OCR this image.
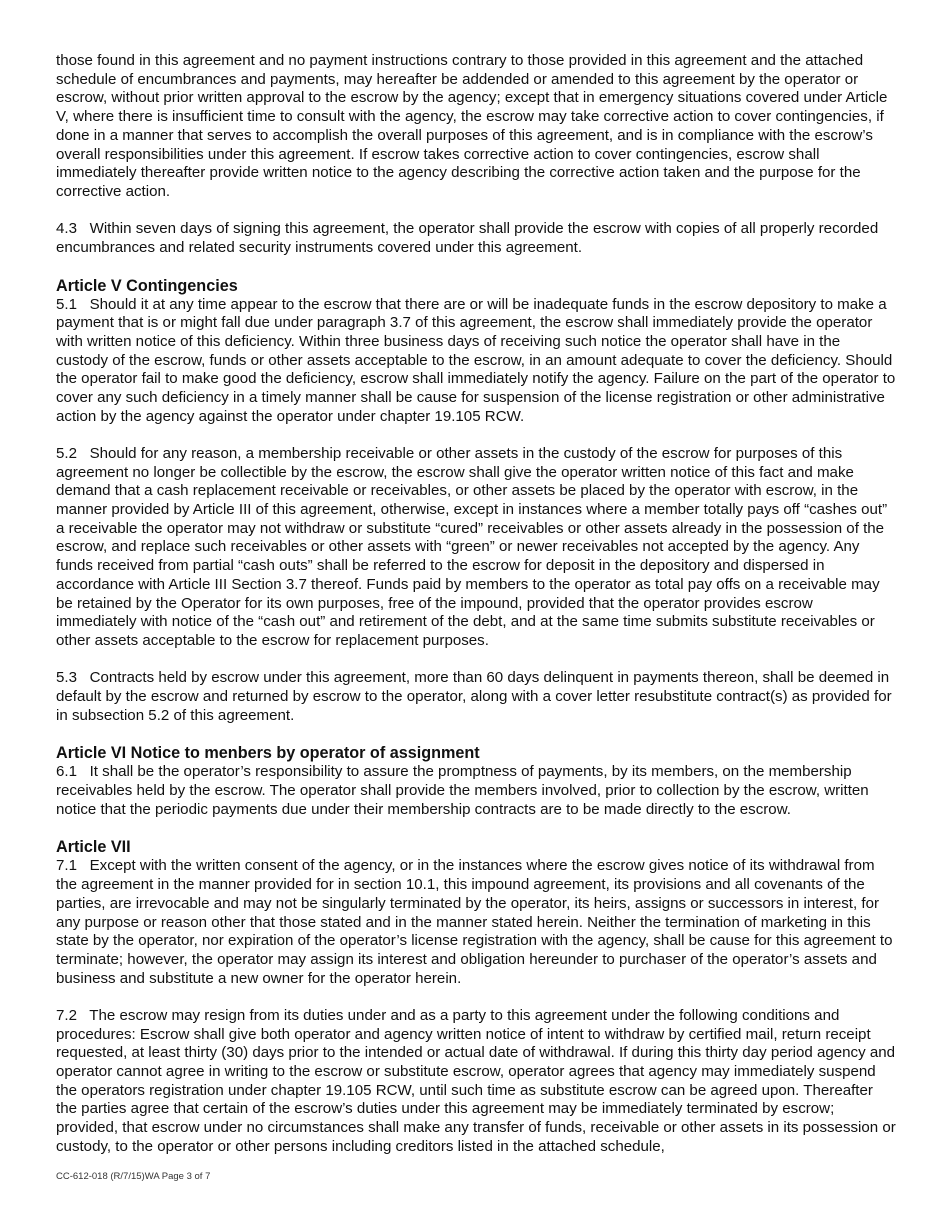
those found in this agreement and no payment instructions contrary to those provided in this agreement and the attached schedule of encumbrances and payments, may hereafter be addended or amended to this agreement by the operator or escrow, without prior written approval to the escrow by the agency; except that in emergency situations covered under Article V, where there is insufficient time to consult with the agency, the escrow may take corrective action to cover contingencies, if done in a manner that serves to accomplish the overall purposes of this agreement, and is in compliance with the escrow’s overall responsibilities under this agreement. If escrow takes corrective action to cover contingencies, escrow shall immediately thereafter provide written notice to the agency describing the corrective action taken and the purpose for the corrective action.

4.3 Within seven days of signing this agreement, the operator shall provide the escrow with copies of all properly recorded encumbrances and related security instruments covered under this agreement.

Article V Contingencies

5.1 Should it at any time appear to the escrow that there are or will be inadequate funds in the escrow depository to make a payment that is or might fall due under paragraph 3.7 of this agreement, the escrow shall immediately provide the operator with written notice of this deficiency. Within three business days of receiving such notice the operator shall have in the custody of the escrow, funds or other assets acceptable to the escrow, in an amount adequate to cover the deficiency. Should the operator fail to make good the deficiency, escrow shall immediately notify the agency. Failure on the part of the operator to cover any such deficiency in a timely manner shall be cause for suspension of the license registration or other administrative action by the agency against the operator under chapter 19.105 RCW.

5.2 Should for any reason, a membership receivable or other assets in the custody of the escrow for purposes of this agreement no longer be collectible by the escrow, the escrow shall give the operator written notice of this fact and make demand that a cash replacement receivable or receivables, or other assets be placed by the operator with escrow, in the manner provided by Article III of this agreement, otherwise, except in instances where a member totally pays off “cashes out” a receivable the operator may not withdraw or substitute “cured” receivables or other assets already in the possession of the escrow, and replace such receivables or other assets with “green” or newer receivables not accepted by the agency. Any funds received from partial “cash outs” shall be referred to the escrow for deposit in the depository and dispersed in accordance with Article III Section 3.7 thereof. Funds paid by members to the operator as total pay offs on a receivable may be retained by the Operator for its own purposes, free of the impound, provided that the operator provides escrow immediately with notice of the “cash out” and retirement of the debt, and at the same time submits substitute receivables or other assets acceptable to the escrow for replacement purposes.

5.3 Contracts held by escrow under this agreement, more than 60 days delinquent in payments thereon, shall be deemed in default by the escrow and returned by escrow to the operator, along with a cover letter resubstitute contract(s) as provided for in subsection 5.2 of this agreement.

Article VI Notice to menbers by operator of assignment

6.1 It shall be the operator’s responsibility to assure the promptness of payments, by its members, on the membership receivables held by the escrow. The operator shall provide the members involved, prior to collection by the escrow, written notice that the periodic payments due under their membership contracts are to be made directly to the escrow.

Article VII

7.1 Except with the written consent of the agency, or in the instances where the escrow gives notice of its withdrawal from the agreement in the manner provided for in section 10.1, this impound agreement, its provisions and all covenants of the parties, are irrevocable and may not be singularly terminated by the operator, its heirs, assigns or successors in interest, for any purpose or reason other that those stated and in the manner stated herein. Neither the termination of marketing in this state by the operator, nor expiration of the operator’s license registration with the agency, shall be cause for this agreement to terminate; however, the operator may assign its interest and obligation hereunder to purchaser of the operator’s assets and business and substitute a new owner for the operator herein.

7.2 The escrow may resign from its duties under and as a party to this agreement under the following conditions and procedures: Escrow shall give both operator and agency written notice of intent to withdraw by certified mail, return receipt requested, at least thirty (30) days prior to the intended or actual date of withdrawal. If during this thirty day period agency and operator cannot agree in writing to the escrow or substitute escrow, operator agrees that agency may immediately suspend the operators registration under chapter 19.105 RCW, until such time as substitute escrow can be agreed upon. Thereafter the parties agree that certain of the escrow’s duties under this agreement may be immediately terminated by escrow; provided, that escrow under no circumstances shall make any transfer of funds, receivable or other assets in its possession or custody, to the operator or other persons including creditors listed in the attached schedule,

CC-612-018 (R/7/15)WA Page 3 of 7
